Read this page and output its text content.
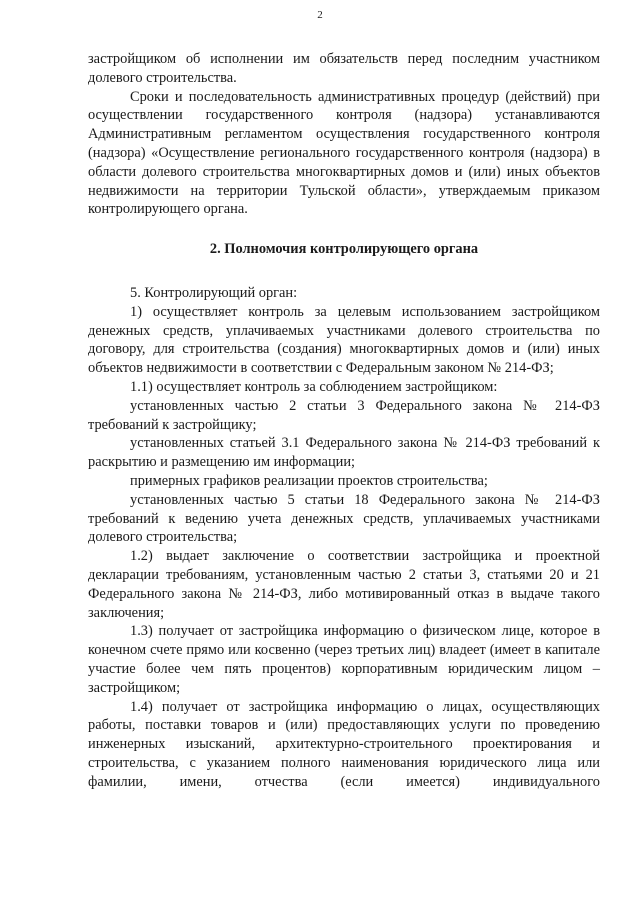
2

застройщиком об исполнении им обязательств перед последним участником долевого строительства.

Сроки и последовательность административных процедур (действий) при осуществлении государственного контроля (надзора) устанавливаются Административным регламентом осуществления государственного контроля (надзора) «Осуществление регионального государственного контроля (надзора) в области долевого строительства многоквартирных домов и (или) иных объектов недвижимости на территории Тульской области», утверждаемым приказом контролирующего органа.

2. Полномочия контролирующего органа

5. Контролирующий орган:

1) осуществляет контроль за целевым использованием застройщиком денежных средств, уплачиваемых участниками долевого строительства по договору, для строительства (создания) многоквартирных домов и (или) иных объектов недвижимости в соответствии с Федеральным законом № 214-ФЗ;

1.1) осуществляет контроль за соблюдением застройщиком:

установленных частью 2 статьи 3 Федерального закона № 214-ФЗ требований к застройщику;

установленных статьей 3.1 Федерального закона № 214-ФЗ требований к раскрытию и размещению им информации;

примерных графиков реализации проектов строительства;

установленных частью 5 статьи 18 Федерального закона № 214-ФЗ требований к ведению учета денежных средств, уплачиваемых участниками долевого строительства;

1.2) выдает заключение о соответствии застройщика и проектной декларации требованиям, установленным частью 2 статьи 3, статьями 20 и 21 Федерального закона № 214-ФЗ, либо мотивированный отказ в выдаче такого заключения;

1.3) получает от застройщика информацию о физическом лице, которое в конечном счете прямо или косвенно (через третьих лиц) владеет (имеет в капитале участие более чем пять процентов) корпоративным юридическим лицом – застройщиком;

1.4) получает от застройщика информацию о лицах, осуществляющих работы, поставки товаров и (или) предоставляющих услуги по проведению инженерных изысканий, архитектурно-строительного проектирования и строительства, с указанием полного наименования юридического лица или фамилии, имени, отчества (если имеется) индивидуального
